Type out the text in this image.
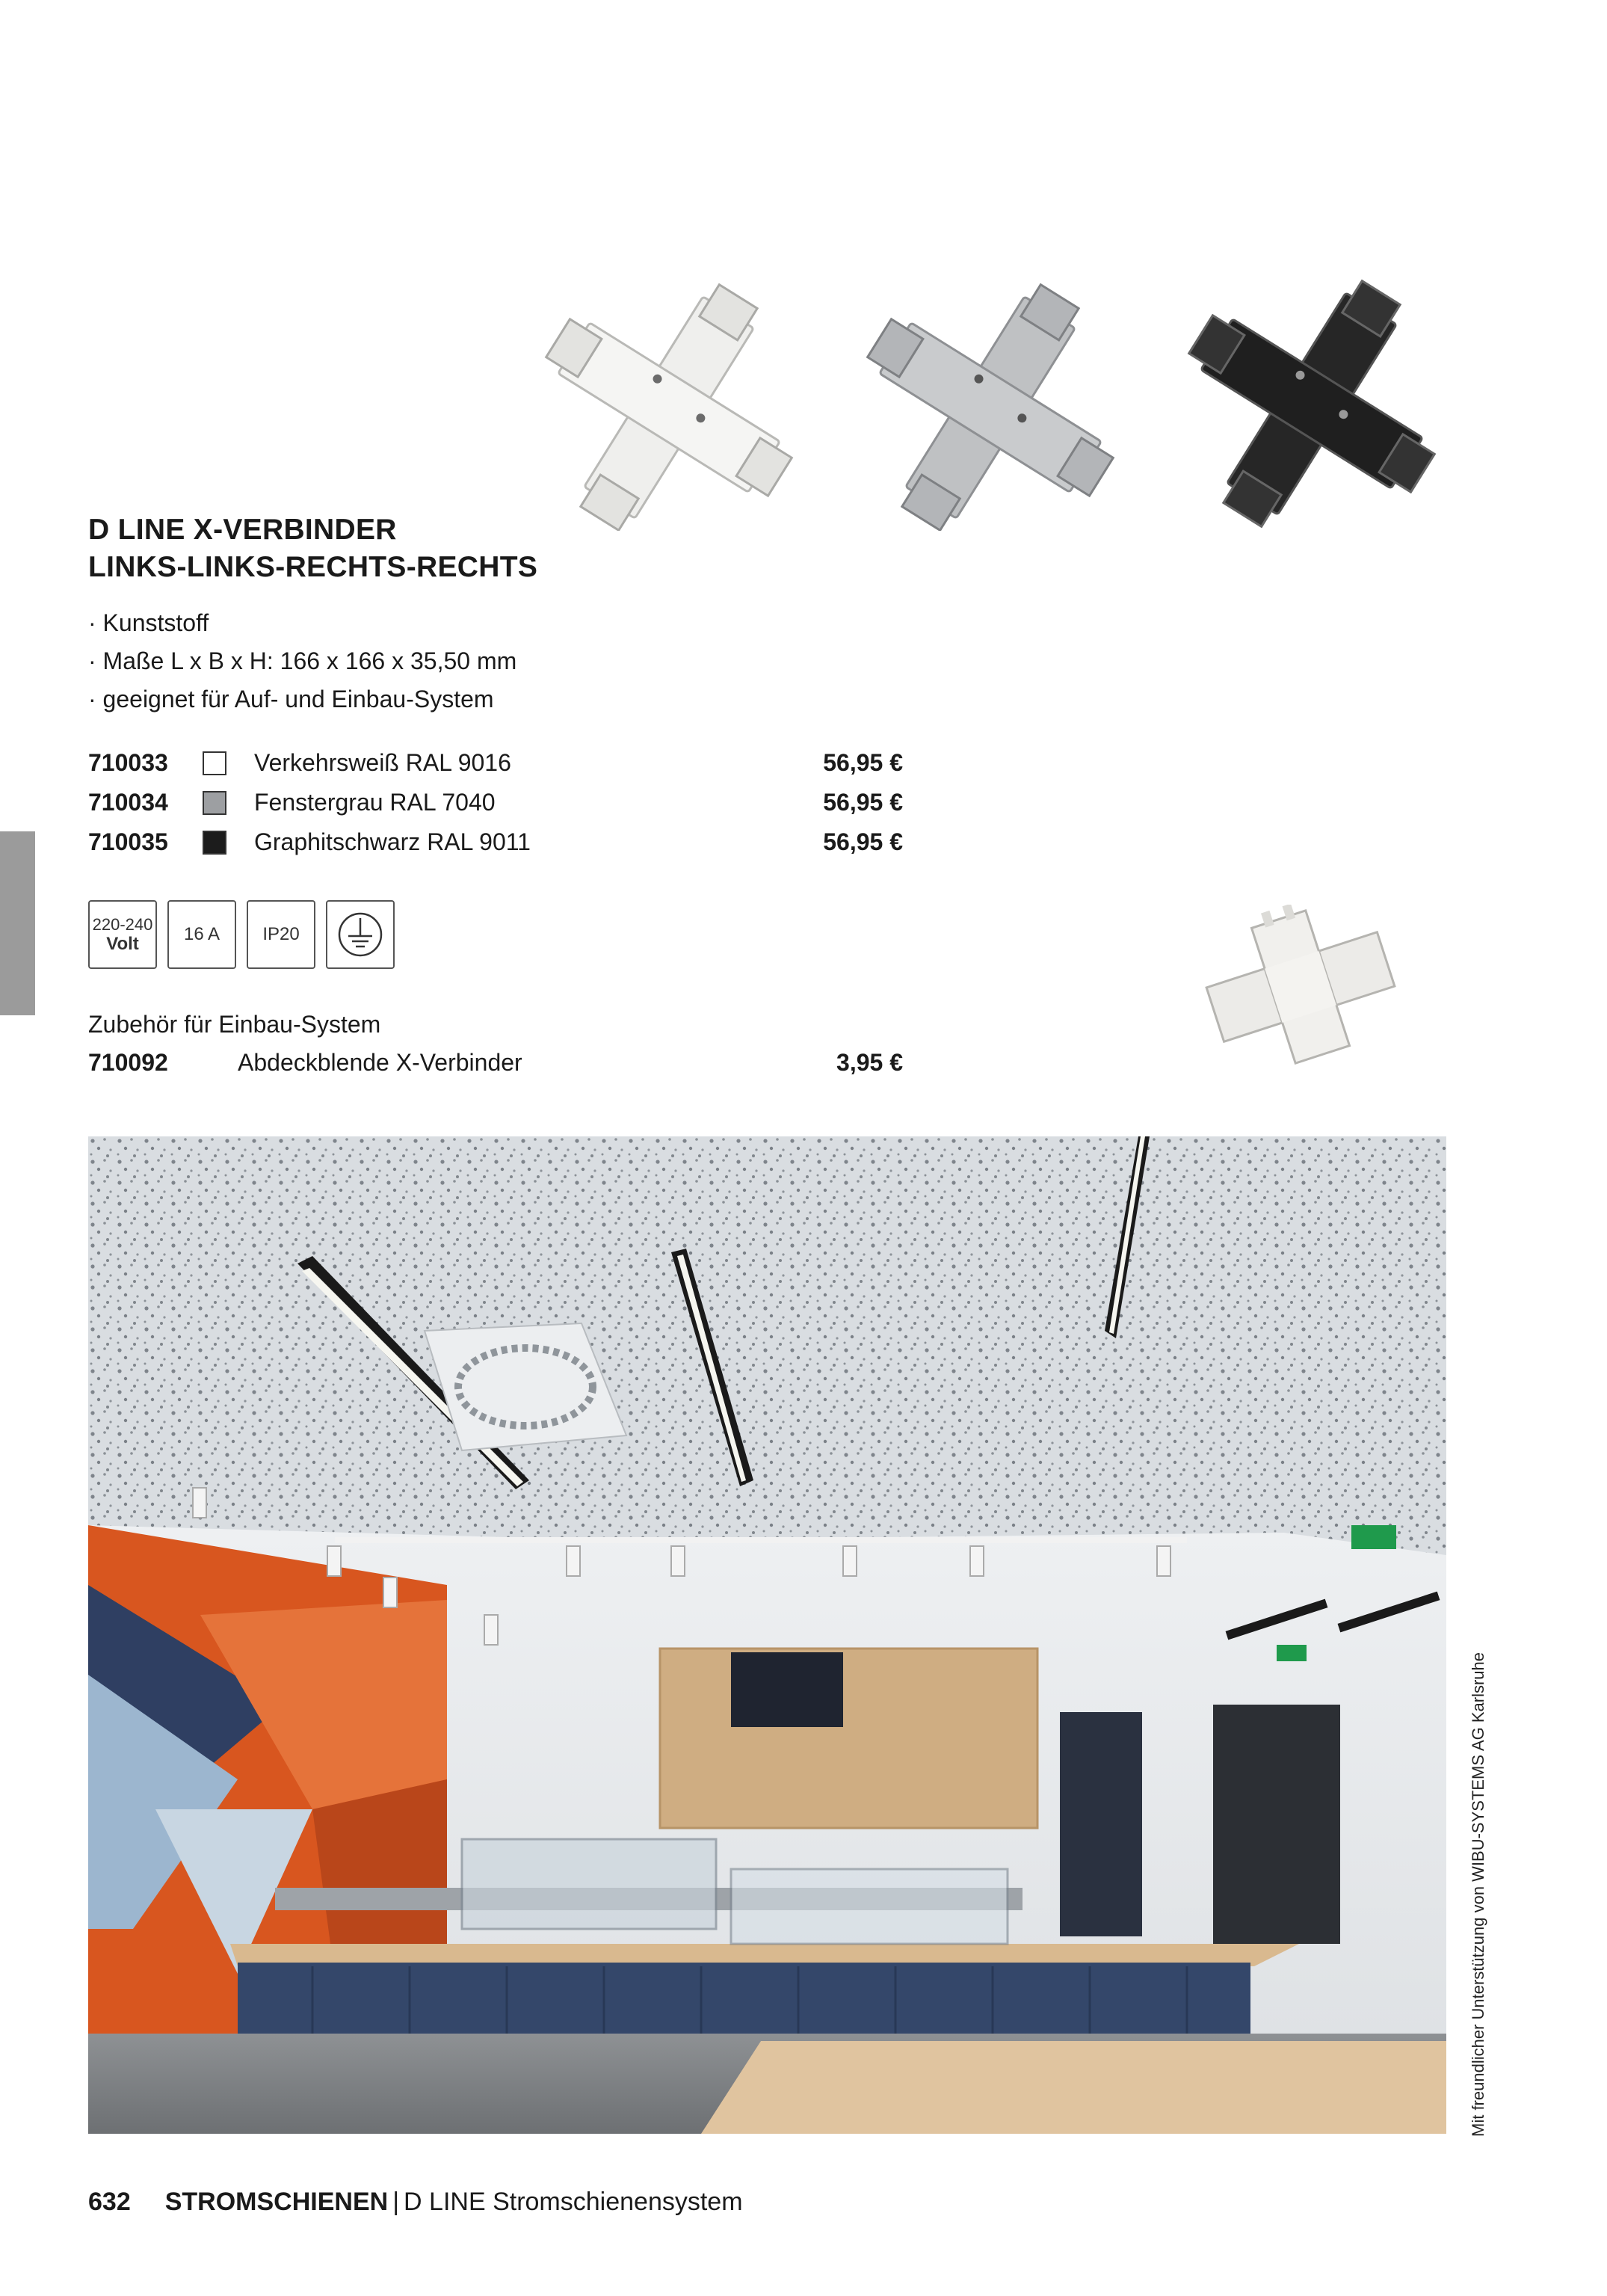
D LINE X-VERBINDER
LINKS-LINKS-RECHTS-RECHTS
· Kunststoff
· Maße L x B x H: 166 x 166 x 35,50 mm
· geeignet für Auf- und Einbau-System
710033	Verkehrsweiß RAL 9016	56,95 €
710034	Fenstergrau RAL 7040	56,95 €
710035	Graphitschwarz RAL 9011	56,95 €
220-240
Volt	16 A IP20
Zubehör für Einbau-System
710092	Abdeckblende X-Verbinder	3,95 €
Mit freundlicher Unterstützung von WIBU-SYSTEMS AG Karlsruhe
632 STROMSCHIENEN | D LINE Stromschienensystem
